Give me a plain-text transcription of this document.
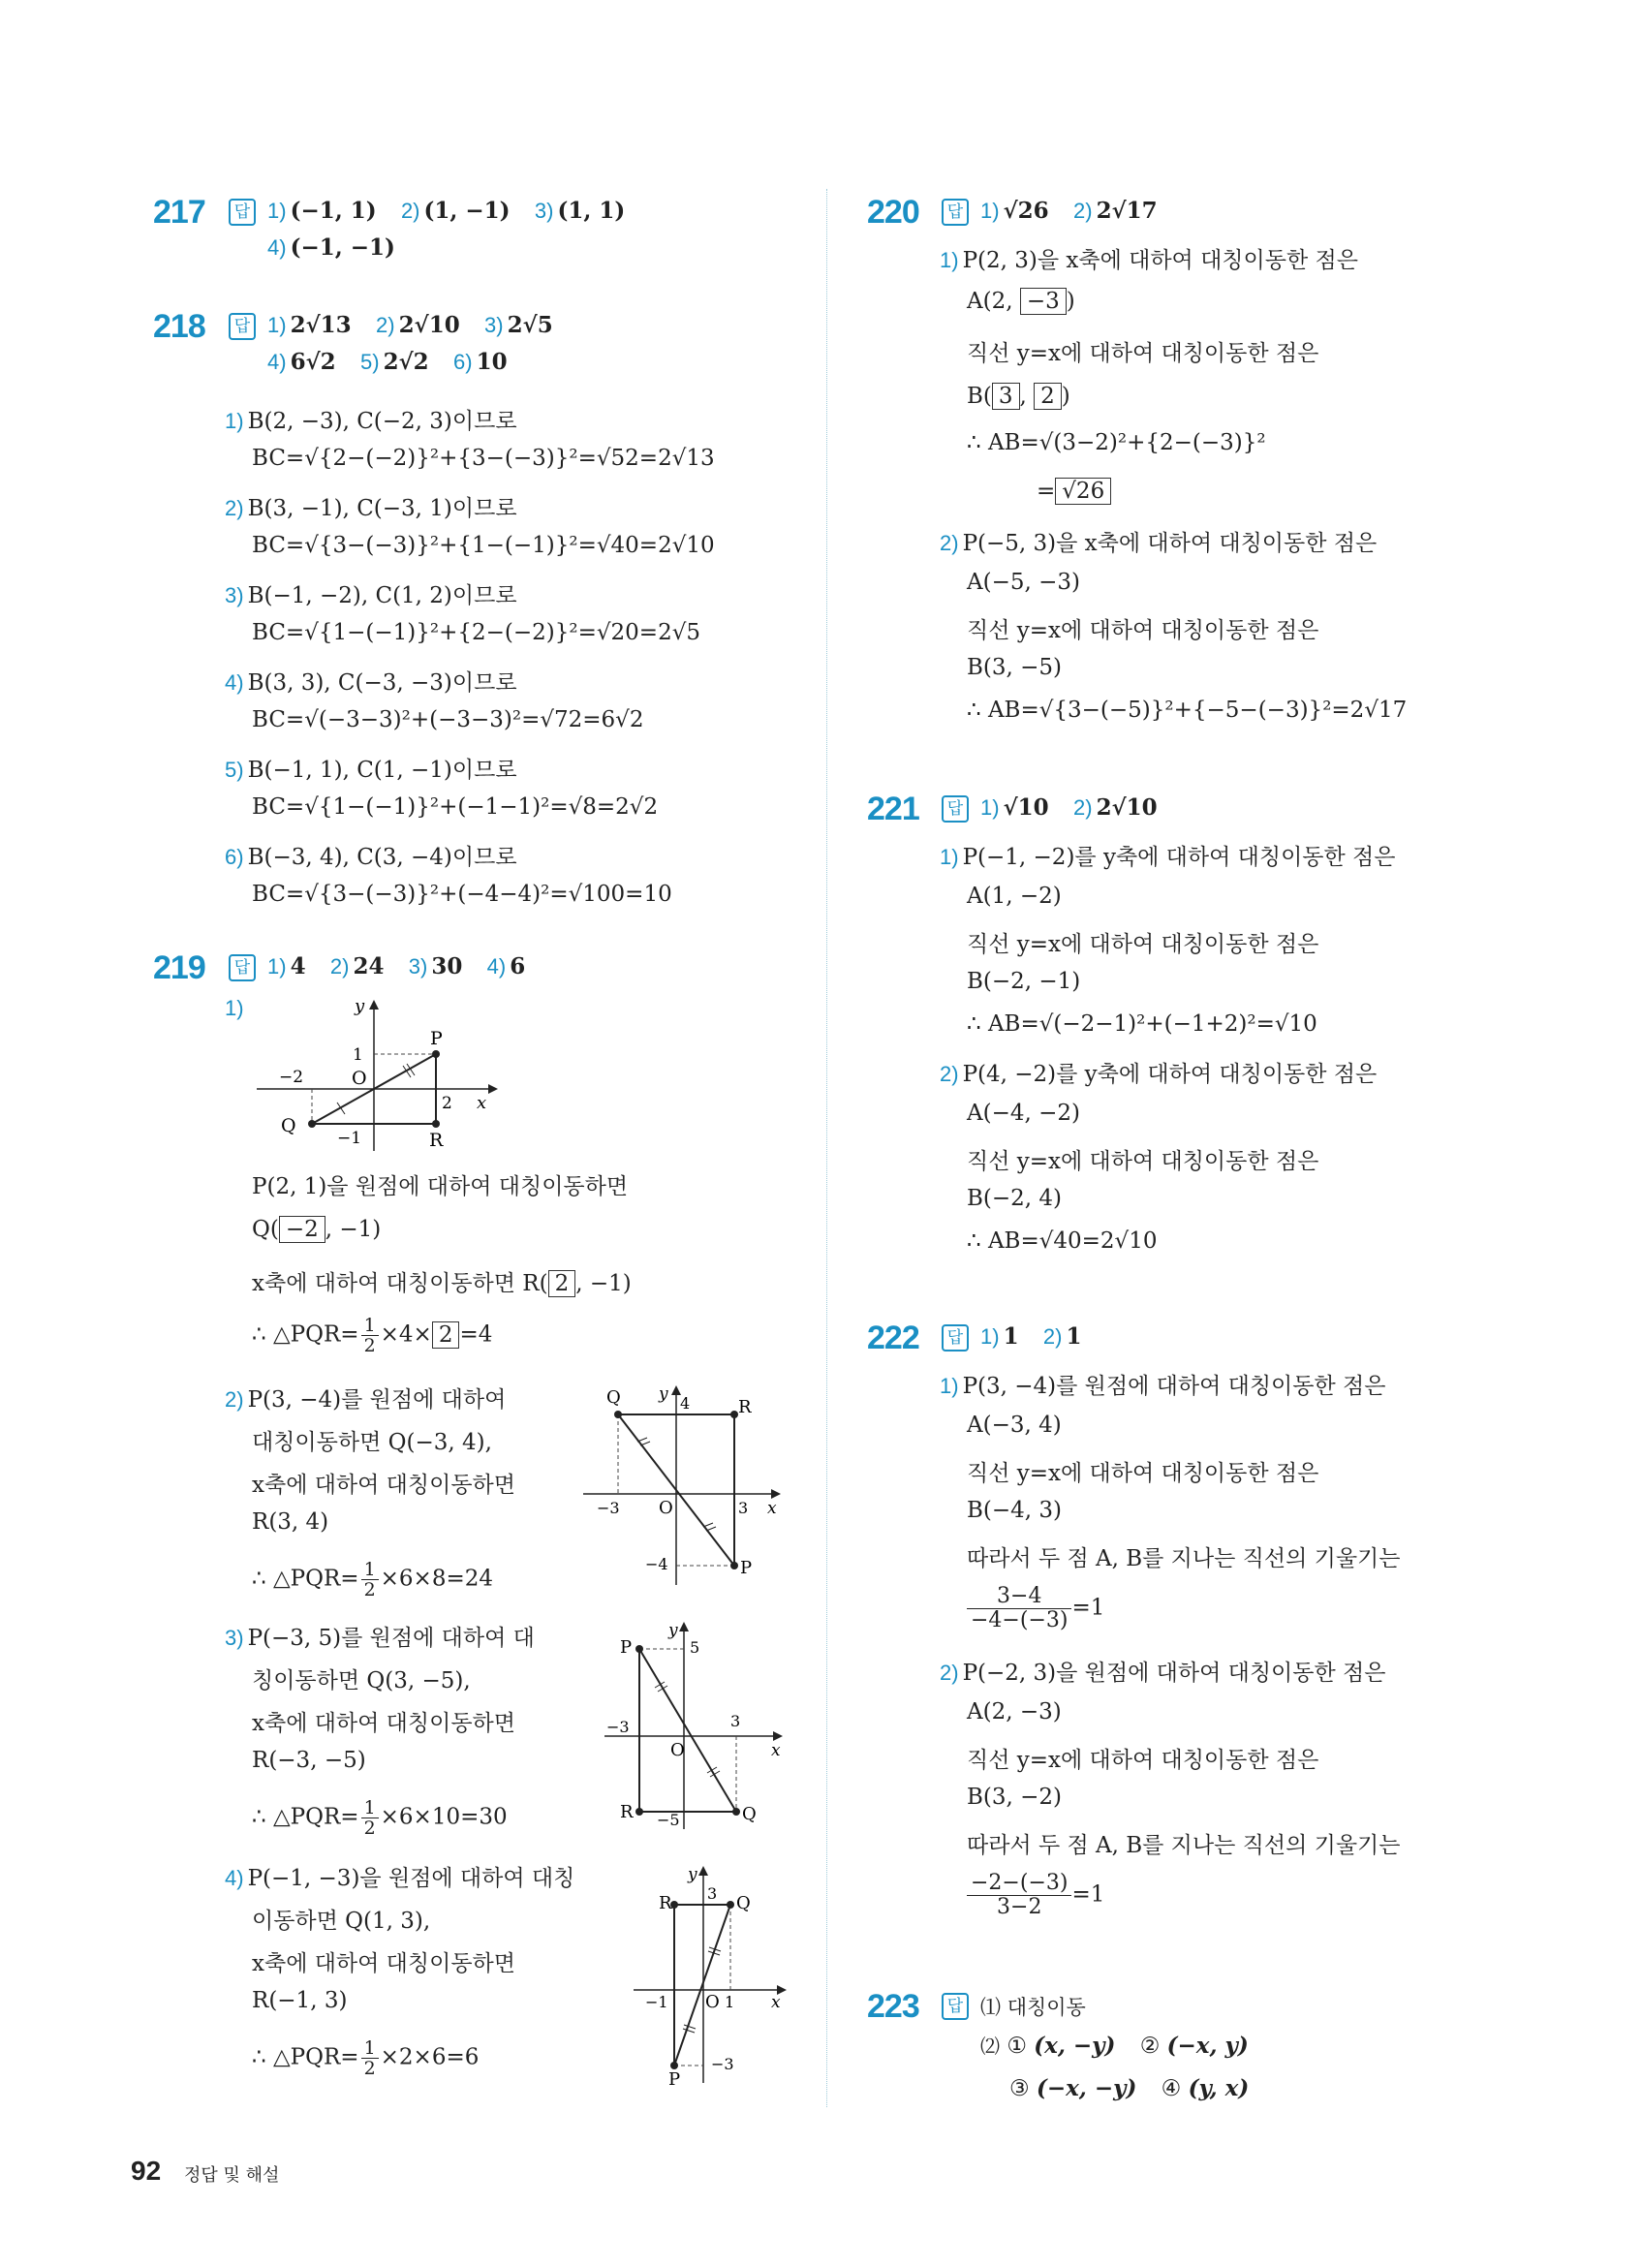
217	답 1) (−1, 1) 2) (1, −1) 3) (1, 1)
4) (−1, −1)
218	답 1) 2√13 2) 2√10 3) 2√5
4) 6√2 5) 2√2 6) 10
1) B(2, −3), C(−2, 3)이므로
BC=√{2−(−2)}²+{3−(−3)}²=√52=2√13
2) B(3, −1), C(−3, 1)이므로
BC=√{3−(−3)}²+{1−(−1)}²=√40=2√10
3) B(−1, −2), C(1, 2)이므로
BC=√{1−(−1)}²+{2−(−2)}²=√20=2√5
4) B(3, 3), C(−3, −3)이므로
BC=√(−3−3)²+(−3−3)²=√72=6√2
5) B(−1, 1), C(1, −1)이므로
BC=√{1−(−1)}²+(−1−1)²=√8=2√2
6) B(−3, 4), C(3, −4)이므로
BC=√{3−(−3)}²+(−4−4)²=√100=10
219	답 1) 4 2) 24 3) 30 4) 6
1)	y
x
O
P
Q
R
1
−2
2
−1
P(2, 1)을 원점에 대하여 대칭이동하면
Q( −2 , −1)
x축에 대하여 대칭이동하면 R( 2 , −1)
∴ △PQR= $\frac{1}{2} \times 4\times 2 =4$
2) P(3, −4)를 원점에 대하여
대칭이동하면 Q(−3, 4),
x축에 대하여 대칭이동하면
R(3, 4)
∴ △PQR= $\frac{1}{2} \times 6\times 8=24$
y 4
Q	R
−3 O	3 x
−4	P
3) P(−3, 5)를 원점에 대하여 대
칭이동하면 Q(3, −5),
x축에 대하여 대칭이동하면
R(−3, −5)
∴ △PQR= $\frac{1}{2} \times 6\times 10=30$
y
P	5
−3
O
3
x
R −5	Q
4) P(−1, −3)을 원점에 대하여 대칭
이동하면 Q(1, 3),
x축에 대하여 대칭이동하면
R(−1, 3)
∴ △PQR= $\frac{1}{2} \times 2\times 6=6$
y
3
R	Q
−1 O 1 x
−3
P
220	답 1) √26 2) 2√17
1) P(2, 3)을 x축에 대하여 대칭이동한 점은
A(2, −3 )
직선 y=x에 대하여 대칭이동한 점은
B( 3 , 2 )
∴ AB=√(3−2)²+{2−(−3)}²
= √26
2) P(−5, 3)을 x축에 대하여 대칭이동한 점은
A(−5, −3)
직선 y=x에 대하여 대칭이동한 점은
B(3, −5)
∴ AB=√{3−(−5)}²+{−5−(−3)}²=2√17
221	답 1) √10 2) 2√10
1) P(−1, −2)를 y축에 대하여 대칭이동한 점은
A(1, −2)
직선 y=x에 대하여 대칭이동한 점은
B(−2, −1)
∴ AB=√(−2−1)²+(−1+2)²=√10
2) P(4, −2)를 y축에 대하여 대칭이동한 점은
A(−4, −2)
직선 y=x에 대하여 대칭이동한 점은
B(−2, 4)
∴ AB=√40=2√10
222	답 1) 1 2) 1
1) P(3, −4)를 원점에 대하여 대칭이동한 점은
A(−3, 4)
직선 y=x에 대하여 대칭이동한 점은
B(−4, 3)
따라서 두 점 A, B를 지나는 직선의 기울기는
$\frac{3-4}{-4-(-3)} =1$
2) P(−2, 3)을 원점에 대하여 대칭이동한 점은
A(2, −3)
직선 y=x에 대하여 대칭이동한 점은
B(3, −2)
따라서 두 점 A, B를 지나는 직선의 기울기는
$\frac{-2-(-3)}{3-2} =1$
223	답 ⑴ 대칭이동
⑵ ① (x, −y) ② (−x, y)
③ (−x, −y) ④ (y, x)
92 정답 및 해설
